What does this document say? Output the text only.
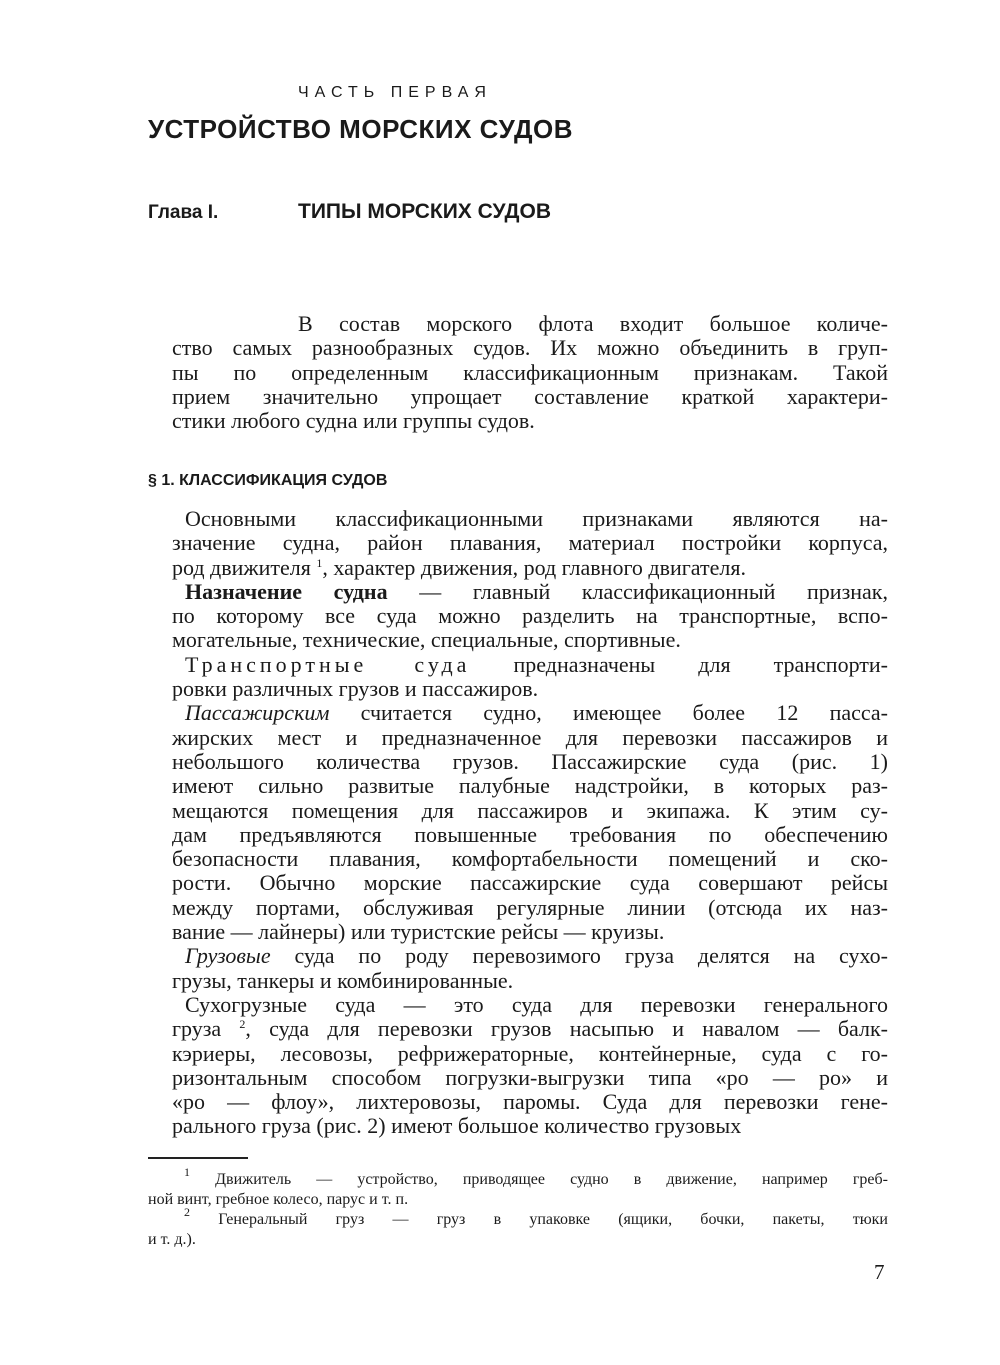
ЧАСТЬ ПЕРВАЯ
УСТРОЙСТВО МОРСКИХ СУДОВ
Глава I.	ТИПЫ МОРСКИХ СУДОВ
В состав морского флота входит большое количе-
ство самых разнообразных судов. Их можно объединить в груп-
пы по определенным классификационным признакам. Такой
прием значительно упрощает составление краткой характери-
стики любого судна или группы судов.
§ 1. КЛАССИФИКАЦИЯ СУДОВ
Основными классификационными признаками являются на-
значение судна, район плавания, материал постройки корпуса,
род движителя $^1$, характер движения, род главного двигателя.
Назначение судна — главный классификационный признак,
по которому все суда можно разделить на транспортные, вспо-
могательные, технические, специальные, спортивные.
Транспортные суда предназначены для транспорти-
ровки различных грузов и пассажиров.
Пассажирским считается судно, имеющее более 12 пасса-
жирских мест и предназначенное для перевозки пассажиров и
небольшого количества грузов. Пассажирские суда (рис. 1)
имеют сильно развитые палубные надстройки, в которых раз-
мещаются помещения для пассажиров и экипажа. К этим су-
дам предъявляются повышенные требования по обеспечению
безопасности плавания, комфортабельности помещений и ско-
рости. Обычно морские пассажирские суда совершают рейсы
между портами, обслуживая регулярные линии (отсюда их наз-
вание — лайнеры) или туристские рейсы — круизы.
Грузовые суда по роду перевозимого груза делятся на сухо-
грузы, танкеры и комбинированные.
Сухогрузные суда — это суда для перевозки генерального
груза $^2$, суда для перевозки грузов насыпью и навалом — балк-
кэриеры, лесовозы, рефрижераторные, контейнерные, суда с го-
ризонтальным способом погрузки-выгрузки типа «ро — ро» и
«ро — флоу», лихтеровозы, паромы. Суда для перевозки гене-
рального груза (рис. 2) имеют большое количество грузовых
$^1$ Движитель — устройство, приводящее судно в движение, например греб-
ной винт, гребное колесо, парус и т. п.
$^2$ Генеральный груз — груз в упаковке (ящики, бочки, пакеты, тюки
и т. д.).
7
